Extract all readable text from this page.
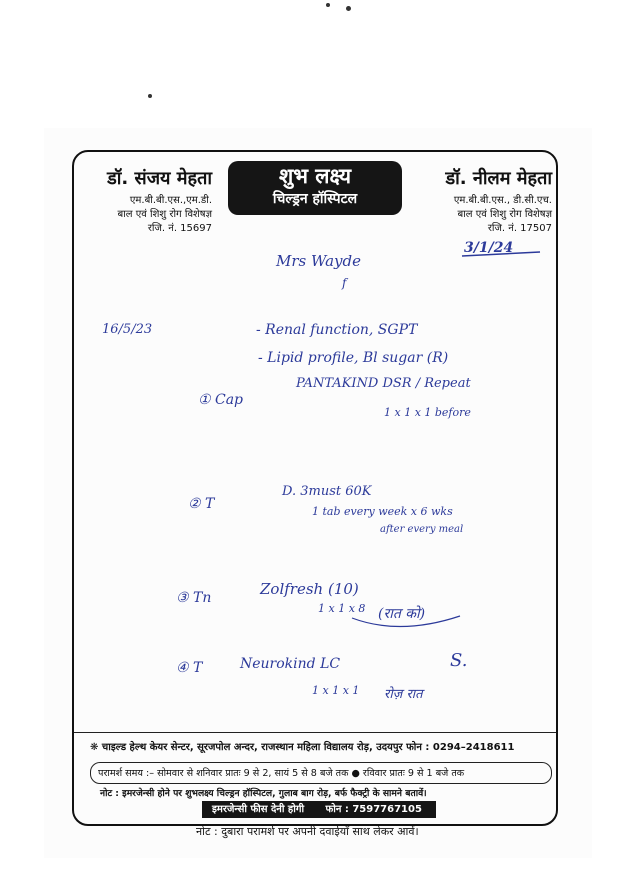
डॉ. संजय मेहता
एम.बी.बी.एस.,एम.डी.
बाल एवं शिशु रोग विशेषज्ञ
रजि. नं. 15697
शुभ लक्ष्य
चिल्ड्रन हॉस्पिटल
डॉ. नीलम मेहता
एम.बी.बी.एस., डी.सी.एच.
बाल एवं शिशु रोग विशेषज्ञ
रजि. नं. 17507
3/1/24
Mrs Wayde
f
16/5/23	- Renal function, SGPT
- Lipid profile, Bl sugar (R)
PANTAKIND DSR / Repeat
1 x 1 x 1 before
① Cap
② T
D. 3must 60K
1 tab every week x 6 wks
after every meal
③ Tn	Zolfresh (10)
1 x 1 x 8 (रात को)
④ T	Neurokind LC
1 x 1 x 1 रोज़ रात
S.
❋ चाइल्ड हेल्थ केयर सेन्टर, सूरजपोल अन्दर, राजस्थान महिला विद्यालय रोड़, उदयपुर फोन : 0294–2418611
परामर्श समय :– सोमवार से शनिवार प्रातः 9 से 2, सायं 5 से 8 बजे तक ● रविवार प्रातः 9 से 1 बजे तक
नोट : इमरजेन्सी होने पर शुभलक्ष्य चिल्ड्रन हॉस्पिटल, गुलाब बाग रोड़, बर्फ फैक्ट्री के सामने बतावें।
इमरजेन्सी फीस देनी होगी फोन : 7597767105
नोट : दुबारा परामर्श पर अपनी दवाईयाँ साथ लेकर आवें।
